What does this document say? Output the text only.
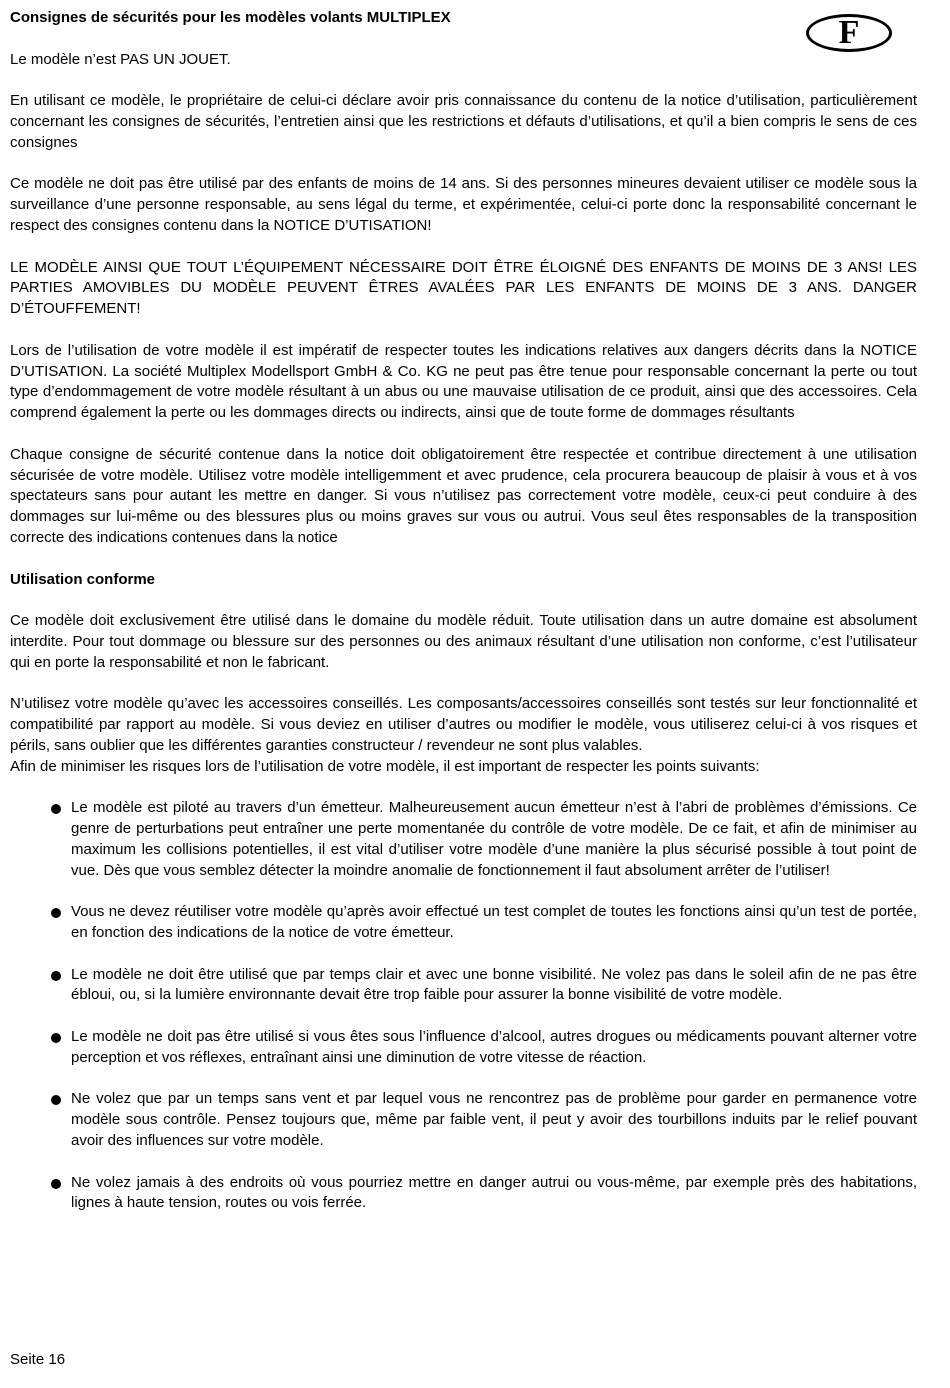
F

Consignes de sécurités pour les modèles volants MULTIPLEX

Le modèle n’est PAS UN JOUET.

En utilisant ce modèle, le propriétaire de celui-ci déclare avoir pris connaissance du contenu de la notice d’utilisation, particulièrement concernant les consignes de sécurités, l’entretien ainsi que les restrictions et défauts d’utilisations, et qu’il a bien compris le sens de ces consignes

Ce modèle ne doit pas être utilisé par des enfants de moins de 14 ans. Si des personnes mineures devaient utiliser ce modèle sous la surveillance d’une personne responsable, au sens légal du terme, et expérimentée, celui-ci porte donc la responsabilité concernant le respect des consignes contenu dans la NOTICE D’UTISATION!

LE MODÈLE AINSI QUE TOUT L’ÉQUIPEMENT NÉCESSAIRE DOIT ÊTRE ÉLOIGNÉ DES ENFANTS DE MOINS DE 3 ANS! LES PARTIES AMOVIBLES DU MODÈLE PEUVENT ÊTRES AVALÉES PAR LES ENFANTS DE MOINS DE 3 ANS. DANGER D’ÉTOUFFEMENT!

Lors de l’utilisation de votre modèle il est impératif de respecter toutes les indications relatives aux dangers décrits dans la NOTICE D’UTISATION. La société Multiplex Modellsport GmbH & Co. KG ne peut pas être tenue pour responsable concernant la perte ou tout type d’endommagement de votre modèle résultant à un abus ou une mauvaise utilisation de ce produit, ainsi que des accessoires. Cela comprend également la perte ou les dommages directs ou indirects, ainsi que de toute forme de dommages résultants

Chaque consigne de sécurité contenue dans la notice doit obligatoirement être respectée et contribue directement à une utilisation sécurisée de votre modèle. Utilisez votre modèle intelligemment et avec prudence, cela procurera beaucoup de plaisir à vous et à vos spectateurs sans pour autant les mettre en danger. Si vous n’utilisez pas correctement votre modèle, ceux-ci peut conduire à des dommages sur lui-même ou des blessures plus ou moins graves sur vous ou autrui. Vous seul êtes responsables de la transposition correcte des indications contenues dans la notice

Utilisation conforme

Ce modèle doit exclusivement être utilisé dans le domaine du modèle réduit. Toute utilisation dans un autre domaine est absolument interdite. Pour tout dommage ou blessure sur des personnes ou des animaux résultant d’une utilisation non conforme, c’est l’utilisateur qui en porte la responsabilité et non le fabricant.

N’utilisez votre modèle qu’avec les accessoires conseillés. Les composants/accessoires conseillés sont testés sur leur fonctionnalité et compatibilité par rapport au modèle. Si vous deviez en utiliser d’autres ou modifier le modèle, vous utiliserez celui-ci à vos risques et périls, sans oublier que les différentes garanties constructeur / revendeur ne sont plus valables.

Afin de minimiser les risques lors de l’utilisation de votre modèle, il est important de respecter les points suivants:

Le modèle est piloté au travers d’un émetteur. Malheureusement aucun émetteur n’est à l’abri de problèmes d’émissions. Ce genre de perturbations peut entraîner une perte momentanée du contrôle de votre modèle. De ce fait, et afin de minimiser au maximum les collisions potentielles, il est vital d’utiliser votre modèle d’une manière la plus sécurisé possible à tout point de vue. Dès que vous semblez détecter la moindre anomalie de fonctionnement il faut absolument arrêter de l’utiliser!
Vous ne devez réutiliser votre modèle qu’après avoir effectué un test complet de toutes les fonctions ainsi qu’un test de portée, en fonction des indications de la notice de votre émetteur.
Le modèle ne doit être utilisé que par temps clair et avec une bonne visibilité. Ne volez pas dans le soleil afin de ne pas être ébloui, ou, si la lumière environnante devait être trop faible pour assurer la bonne visibilité de votre modèle.
Le modèle ne doit pas être utilisé si vous êtes sous l’influence d’alcool, autres drogues ou médicaments pouvant alterner votre perception et vos réflexes, entraînant ainsi une diminution de votre vitesse de réaction.
Ne volez que par un temps sans vent et par lequel vous ne rencontrez pas de problème pour garder en permanence votre modèle sous contrôle. Pensez toujours que, même par faible vent, il peut y avoir des tourbillons induits par le relief pouvant avoir des influences sur votre modèle.
Ne volez jamais à des endroits où vous pourriez mettre en danger autrui ou vous-même, par exemple près des habitations, lignes à haute tension, routes ou vois ferrée.
Seite 16
